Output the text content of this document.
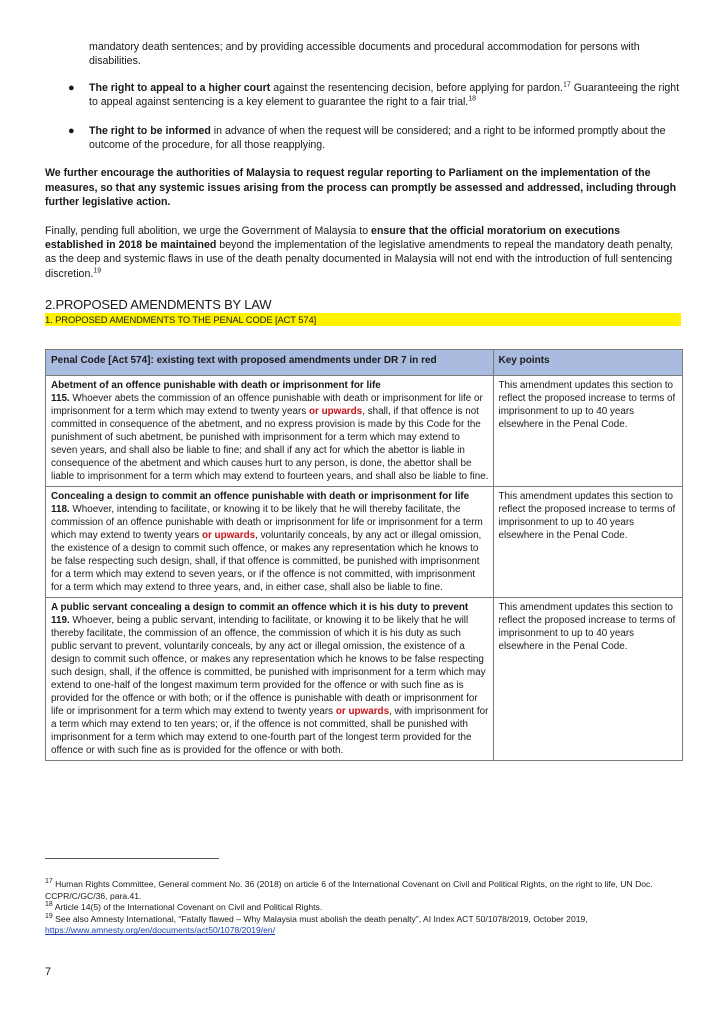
mandatory death sentences; and by providing accessible documents and procedural accommodation for persons with disabilities.

● The right to appeal to a higher court against the resentencing decision, before applying for pardon.$^{17}$ Guaranteeing the right to appeal against sentencing is a key element to guarantee the right to a fair trial.$^{18}$
● The right to be informed in advance of when the request will be considered; and a right to be informed promptly about the outcome of the procedure, for all those reapplying.

We further encourage the authorities of Malaysia to request regular reporting to Parliament on the implementation of the measures, so that any systemic issues arising from the process can promptly be assessed and addressed, including through further legislative action.

Finally, pending full abolition, we urge the Government of Malaysia to ensure that the official moratorium on executions established in 2018 be maintained beyond the implementation of the legislative amendments to repeal the mandatory death penalty, as the deep and systemic flaws in use of the death penalty documented in Malaysia will not end with the introduction of full sentencing discretion.$^{19}$

2.PROPOSED AMENDMENTS BY LAW
1. PROPOSED AMENDMENTS TO THE PENAL CODE [ACT 574]
Penal Code [Act 574]: existing text with proposed amendments under DR 7 in red	Key points
Abetment of an offence punishable with death or imprisonment for life
115. Whoever abets the commission of an offence punishable with death or imprisonment for life or imprisonment for a term which may extend to twenty years or upwards, shall, if that offence is not committed in consequence of the abetment, and no express provision is made by this Code for the punishment of such abetment, be punished with imprisonment for a term which may extend to seven years, and shall also be liable to fine; and shall if any act for which the abettor is liable in consequence of the abetment and which causes hurt to any person, is done, the abettor shall be liable to imprisonment for a term which may extend to fourteen years, and shall also be liable to fine.	This amendment updates this section to reflect the proposed increase to terms of imprisonment to up to 40 years elsewhere in the Penal Code.
Concealing a design to commit an offence punishable with death or imprisonment for life
118. Whoever, intending to facilitate, or knowing it to be likely that he will thereby facilitate, the commission of an offence punishable with death or imprisonment for life or imprisonment for a term which may extend to twenty years or upwards, voluntarily conceals, by any act or illegal omission, the existence of a design to commit such offence, or makes any representation which he knows to be false respecting such design, shall, if that offence is committed, be punished with imprisonment for a term which may extend to seven years, or if the offence is not committed, with imprisonment for a term which may extend to three years, and, in either case, shall also be liable to fine.	This amendment updates this section to reflect the proposed increase to terms of imprisonment to up to 40 years elsewhere in the Penal Code.
A public servant concealing a design to commit an offence which it is his duty to prevent
119. Whoever, being a public servant, intending to facilitate, or knowing it to be likely that he will thereby facilitate, the commission of an offence, the commission of which it is his duty as such public servant to prevent, voluntarily conceals, by any act or illegal omission, the existence of a design to commit such offence, or makes any representation which he knows to be false respecting such design, shall, if the offence is committed, be punished with imprisonment for a term which may extend to one-half of the longest maximum term provided for the offence or with such fine as is provided for the offence or with both; or if the offence is punishable with death or imprisonment for life or imprisonment for a term which may extend to twenty years or upwards, with imprisonment for a term which may extend to ten years; or, if the offence is not committed, shall be punished with imprisonment for a term which may extend to one-fourth part of the longest term provided for the offence or with such fine as is provided for the offence or with both.	This amendment updates this section to reflect the proposed increase to terms of imprisonment to up to 40 years elsewhere in the Penal Code.
$^{17}$ Human Rights Committee, General comment No. 36 (2018) on article 6 of the International Covenant on Civil and Political Rights, on the right to life, UN Doc. CCPR/C/GC/36, para.41.
$^{18}$ Article 14(5) of the International Covenant on Civil and Political Rights.
$^{19}$ See also Amnesty International, “Fatally flawed – Why Malaysia must abolish the death penalty”, AI Index ACT 50/1078/2019, October 2019, https://www.amnesty.org/en/documents/act50/1078/2019/en/
7
